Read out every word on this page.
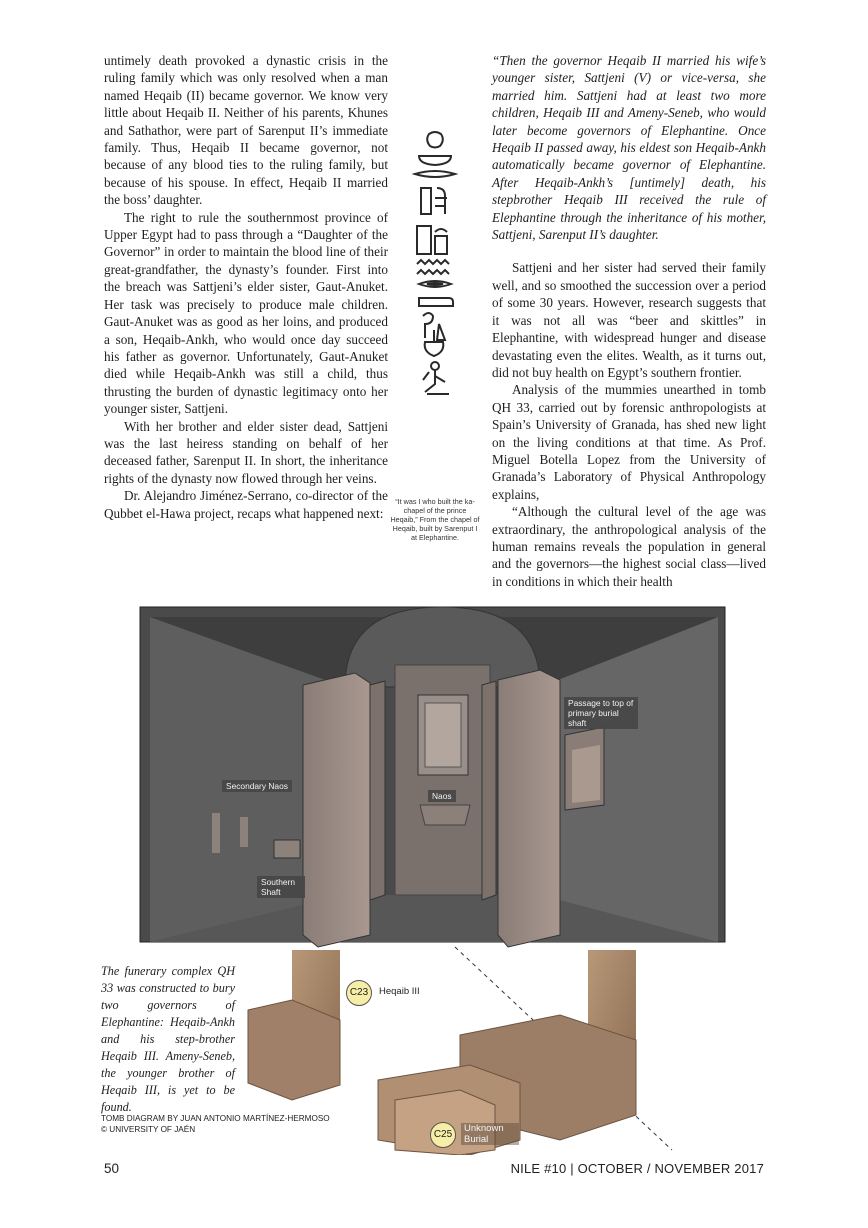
untimely death provoked a dynastic crisis in the ruling family which was only resolved when a man named Heqaib (II) became governor. We know very little about Heqaib II. Neither of his parents, Khunes and Sathathor, were part of Sarenput II’s immediate family. Thus, Heqaib II became governor, not because of any blood ties to the ruling family, but because of his spouse. In effect, Heqaib II married the boss’ daughter.

The right to rule the southernmost province of Upper Egypt had to pass through a “Daughter of the Governor” in order to maintain the blood line of their great-grandfather, the dynasty’s founder. First into the breach was Sattjeni’s elder sister, Gaut-Anuket. Her task was precisely to produce male children. Gaut-Anuket was as good as her loins, and produced a son, Heqaib-Ankh, who would once day succeed his father as governor. Unfortunately, Gaut-Anuket died while Heqaib-Ankh was still a child, thus thrusting the burden of dynastic legitimacy onto her younger sister, Sattjeni.

With her brother and elder sister dead, Sattjeni was the last heiress standing on behalf of her deceased father, Sarenput II. In short, the inheritance rights of the dynasty now flowed through her veins.

Dr. Alejandro Jiménez-Serrano, co-director of the Qubbet el-Hawa project, recaps what happened next:

“It was I who built the ka-chapel of the prince Heqaib,” From the chapel of Heqaib, built by Sarenput I at Elephantine.

“Then the governor Heqaib II married his wife’s younger sister, Sattjeni (V) or vice-versa, she married him. Sattjeni had at least two more children, Heqaib III and Ameny-Seneb, who would later become governors of Elephantine. Once Heqaib II passed away, his eldest son Heqaib-Ankh automatically became governor of Elephantine. After Heqaib-Ankh’s [untimely] death, his stepbrother Heqaib III received the rule of Elephantine through the inheritance of his mother, Sattjeni, Sarenput II’s daughter.

Sattjeni and her sister had served their family well, and so smoothed the succession over a period of some 30 years. However, research suggests that it was not all was “beer and skittles” in Elephantine, with widespread hunger and disease devastating even the elites. Wealth, as it turns out, did not buy health on Egypt’s southern frontier.

Analysis of the mummies unearthed in tomb QH 33, carried out by forensic anthropologists at Spain’s University of Granada, has shed new light on the living conditions at that time. As Prof. Miguel Botella Lopez from the University of Granada’s Laboratory of Physical Anthropology explains,

“Although the cultural level of the age was extraordinary, the anthropological analysis of the human remains reveals the population in general and the governors—the highest social class—lived in conditions in which their health

Passage to top of primary burial shaft
Secondary Naos
Naos
Southern Shaft
C23	Heqaib III
C25
Unknown Burial
The funerary complex QH 33 was constructed to bury two governors of Elephantine: Heqaib-Ankh and his step-brother Heqaib III. Ameny-Seneb, the younger brother of Heqaib III, is yet to be found.
TOMB DIAGRAM BY JUAN ANTONIO MARTÍNEZ-HERMOSO
© UNIVERSITY OF JAÉN
50	NILE #10 | OCTOBER / NOVEMBER 2017
